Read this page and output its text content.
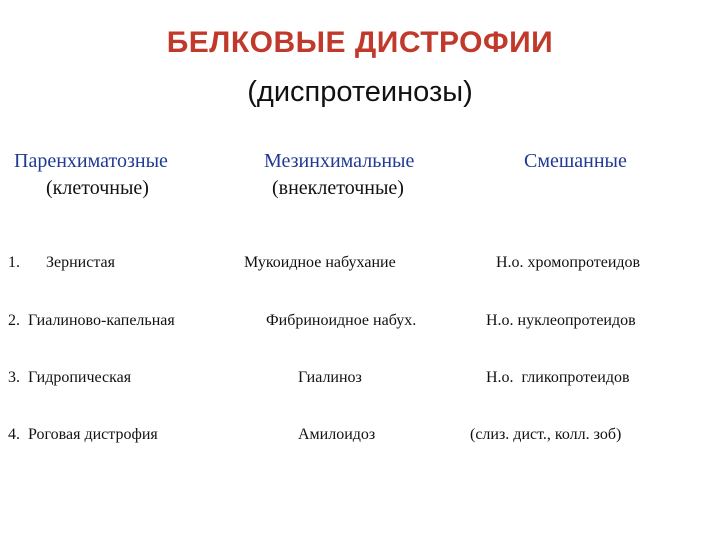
БЕЛКОВЫЕ ДИСТРОФИИ
(диспротеинозы)
Паренхиматозные
(клеточные)
Мезинхимальные
(внеклеточные)
Смешанные
1. Зернистая	Мукоидное набухание	Н.о. хромопротеидов
2. Гиалиново-капельная	Фибриноидное набух.	Н.о. нуклеопротеидов
3. Гидропическая	Гиалиноз	Н.о.  гликопротеидов
4. Роговая дистрофия	Амилоидоз	(слиз. дист., колл. зоб)
